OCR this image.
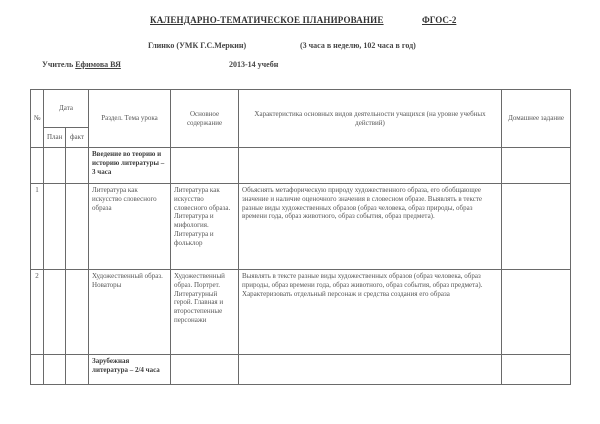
КАЛЕНДАРНО-ТЕМАТИЧЕСКОЕ ПЛАНИРОВАНИЕ	ФГОС-2
Глинко (УМК Г.С.Меркин)	(3 часа в неделю, 102 часа в год)
Учитель Ефимова ВЯ	2013-14 учебн
№	Дата		Раздел. Тема урока	Основное содержание	Характеристика основных видов деятельности учащихся (на уровне учебных действий)	Домашнее задание
	План	факт				
			Введение во теорию и историю литературы – 3 часа			
1			Литература как искусство словесного образа	Литература как искусство словесного образа. Литература и мифология. Литература и фольклор	Объяснять метафорическую природу художественного образа, его обобщающее значение и наличие оценочного значения в словесном образе. Выявлять в тексте разные виды художественных образов (образ человека, образ природы, образ времени года, образ животного, образ события, образ предмета).	
2			Художественный образ. Новаторы	Художественный образ. Портрет. Литературный герой. Главная и второстепенные персонажи	Выявлять в тексте разные виды художественных образов (образ человека, образ природы, образ времени года, образ животного, образ события, образ предмета). Характеризовать отдельный персонаж и средства создания его образа	
			Зарубежная литература – 2/4 часа			
